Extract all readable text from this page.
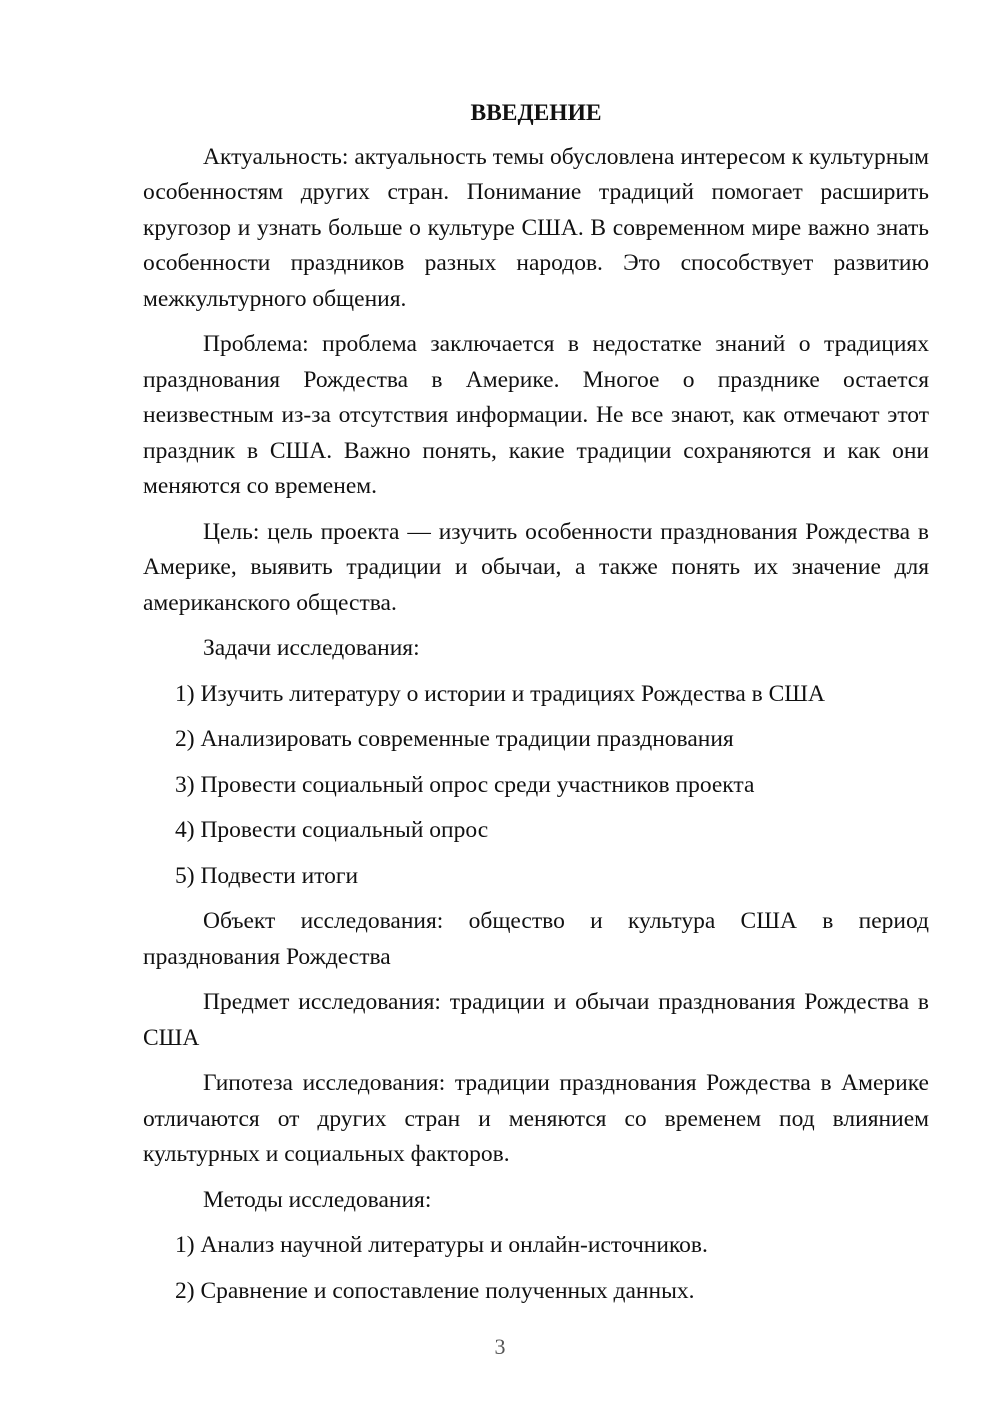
ВВЕДЕНИЕ

Актуальность: актуальность темы обусловлена интересом к культурным особенностям других стран. Понимание традиций помогает расширить кругозор и узнать больше о культуре США. В современном мире важно знать особенности праздников разных народов. Это способствует развитию межкультурного общения.

Проблема: проблема заключается в недостатке знаний о традициях празднования Рождества в Америке. Многое о празднике остается неизвестным из-за отсутствия информации. Не все знают, как отмечают этот праздник в США. Важно понять, какие традиции сохраняются и как они меняются со временем.

Цель: цель проекта — изучить особенности празднования Рождества в Америке, выявить традиции и обычаи, а также понять их значение для американского общества.

Задачи исследования:

1) Изучить литературу о истории и традициях Рождества в США
2) Анализировать современные традиции празднования
3) Провести социальный опрос среди участников проекта
4) Провести социальный опрос
5) Подвести итоги

Объект исследования: общество и культура США в период празднования Рождества

Предмет исследования: традиции и обычаи празднования Рождества в США

Гипотеза исследования: традиции празднования Рождества в Америке отличаются от других стран и меняются со временем под влиянием культурных и социальных факторов.

Методы исследования:

1) Анализ научной литературы и онлайн-источников.
2) Сравнение и сопоставление полученных данных.
3
